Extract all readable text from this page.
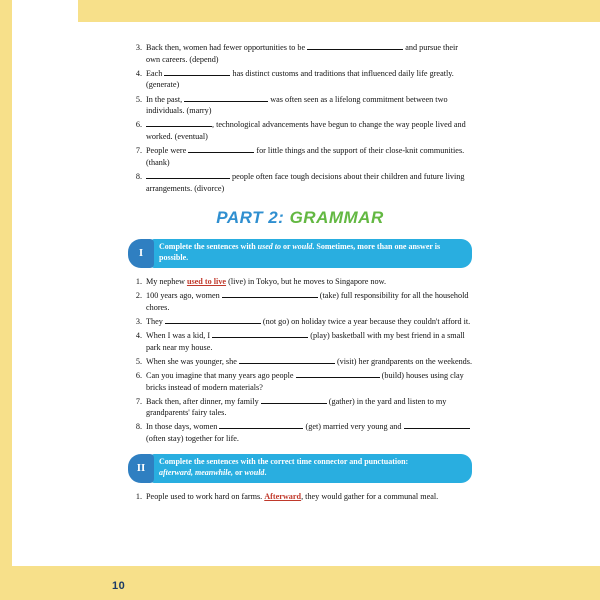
10
3. Back then, women had fewer opportunities to be	and pursue their own careers. (depend)
4. Each	has distinct customs and traditions that influenced daily life greatly. (generate)
5. In the past,	was often seen as a lifelong commitment between two individuals. (marry)
6.	, technological advancements have begun to change the way people lived and worked. (eventual)
7. People were	for little things and the support of their close-knit communities. (thank)
8.	people often face tough decisions about their children and future living arrangements. (divorce)
PART 2: GRAMMAR
I	Complete the sentences with used to or would. Sometimes, more than one answer is possible.
1. My nephew used to live (live) in Tokyo, but he moves to Singapore now.
2. 100 years ago, women	(take) full responsibility for all the household chores.
3. They	(not go) on holiday twice a year because they couldn't afford it.
4. When I was a kid, I	(play) basketball with my best friend in a small park near my house.
5. When she was younger, she	(visit) her grandparents on the weekends.
6. Can you imagine that many years ago people	(build) houses using clay bricks instead of modern materials?
7. Back then, after dinner, my family	(gather) in the yard and listen to my grandparents' fairy tales.
8. In those days, women	(get) married very young and  (often stay) together for life.
II	Complete the sentences with the correct time connector and punctuation:
afterward, meanwhile, or would.
1. People used to work hard on farms. Afterward, they would gather for a communal meal.
